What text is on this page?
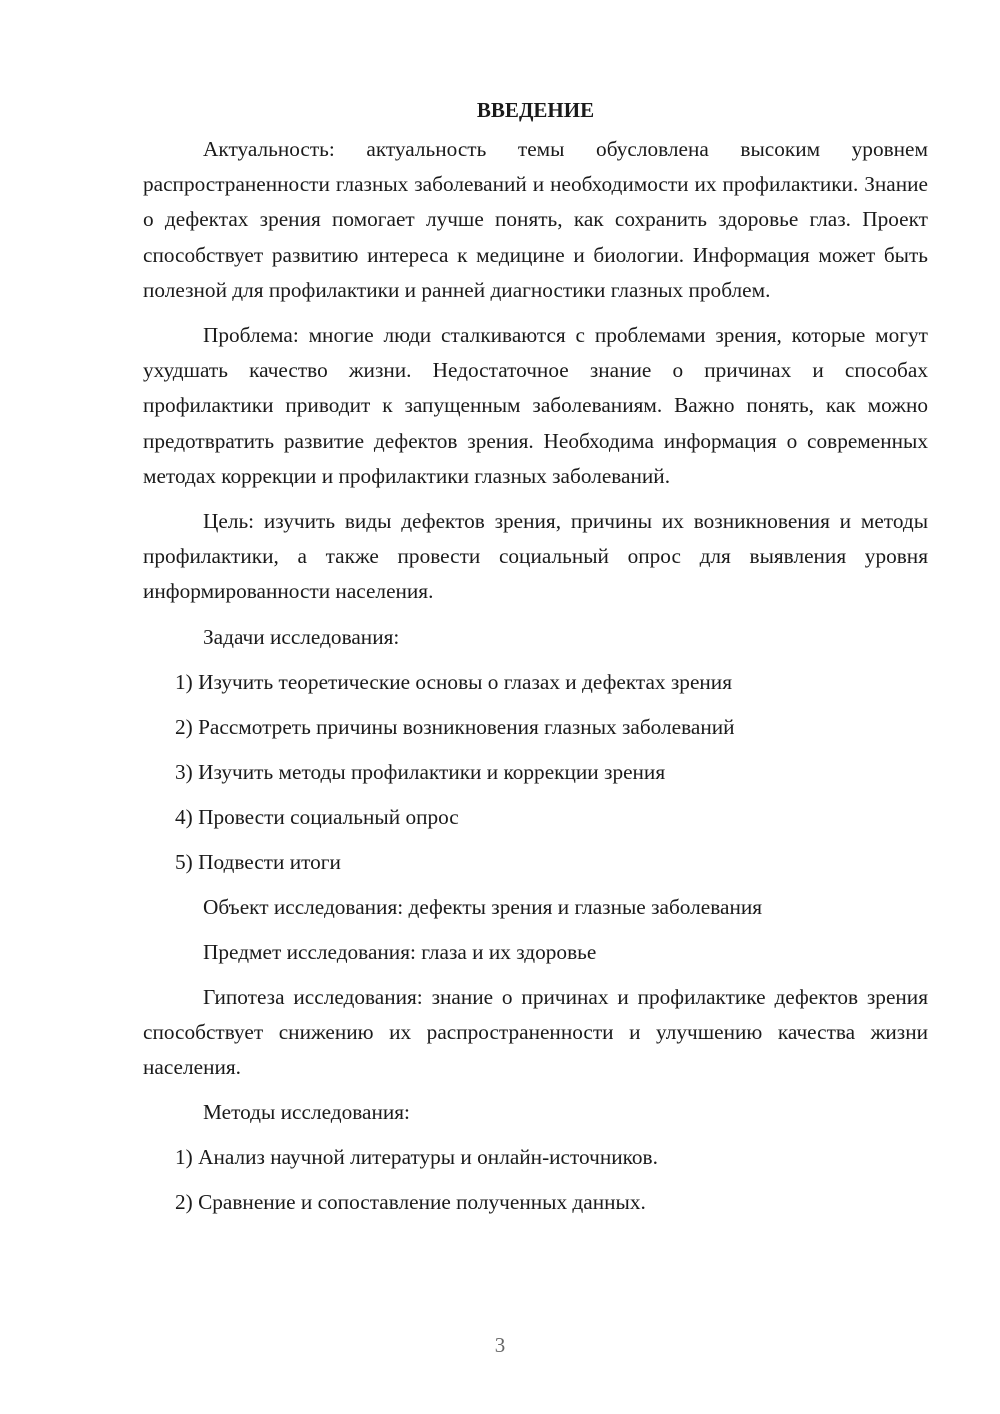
ВВЕДЕНИЕ

Актуальность: актуальность темы обусловлена высоким уровнем распространенности глазных заболеваний и необходимости их профилактики. Знание о дефектах зрения помогает лучше понять, как сохранить здоровье глаз. Проект способствует развитию интереса к медицине и биологии. Информация может быть полезной для профилактики и ранней диагностики глазных проблем.

Проблема: многие люди сталкиваются с проблемами зрения, которые могут ухудшать качество жизни. Недостаточное знание о причинах и способах профилактики приводит к запущенным заболеваниям. Важно понять, как можно предотвратить развитие дефектов зрения. Необходима информация о современных методах коррекции и профилактики глазных заболеваний.

Цель: изучить виды дефектов зрения, причины их возникновения и методы профилактики, а также провести социальный опрос для выявления уровня информированности населения.

Задачи исследования:
1) Изучить теоретические основы о глазах и дефектах зрения
2) Рассмотреть причины возникновения глазных заболеваний
3) Изучить методы профилактики и коррекции зрения
4) Провести социальный опрос
5) Подвести итоги
Объект исследования: дефекты зрения и глазные заболевания
Предмет исследования: глаза и их здоровье

Гипотеза исследования: знание о причинах и профилактике дефектов зрения способствует снижению их распространенности и улучшению качества жизни населения.

Методы исследования:
1) Анализ научной литературы и онлайн-источников.
2) Сравнение и сопоставление полученных данных.
3
